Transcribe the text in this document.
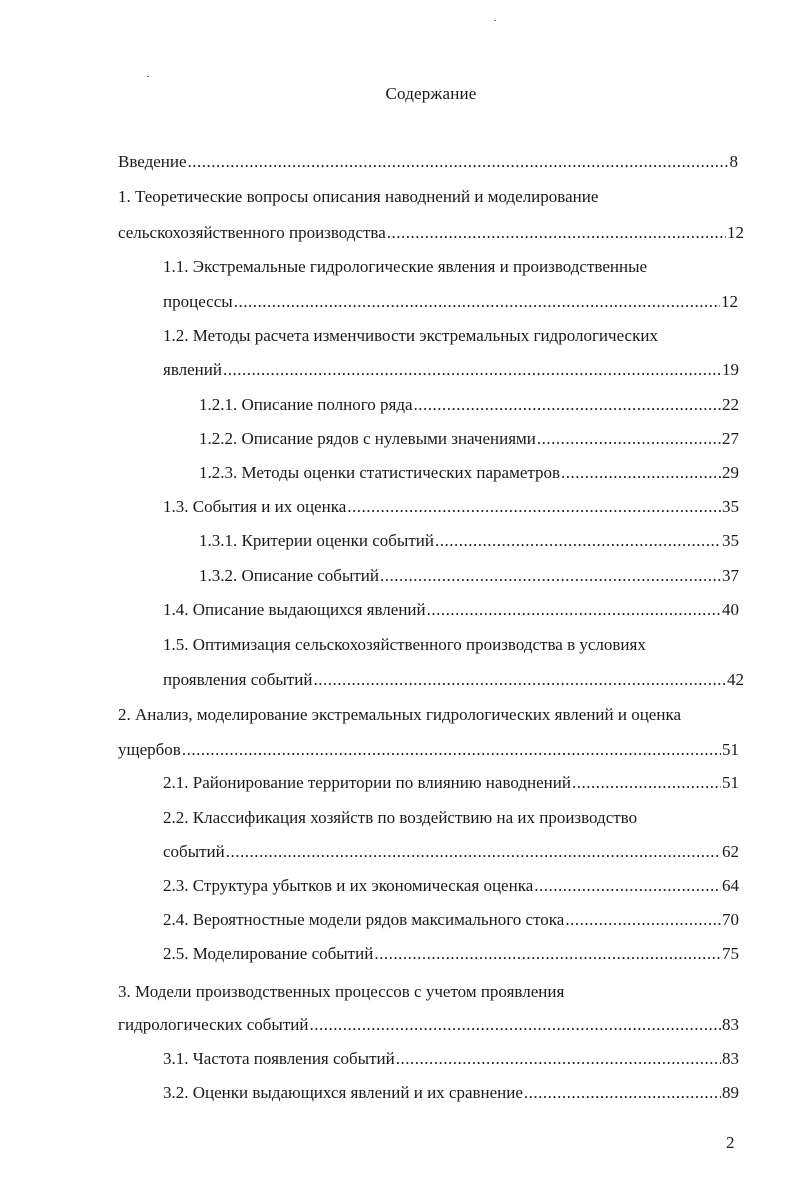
Содержание
Введение .....	8
1. Теоретические вопросы описания наводнений и моделирование
сельскохозяйственного производства .....	12
1.1. Экстремальные гидрологические явления и производственные
процессы .....	12
1.2. Методы расчета изменчивости экстремальных гидрологических
явлений .....	19
1.2.1. Описание полного ряда .....	22
1.2.2. Описание рядов с нулевыми значениями .....	27
1.2.3. Методы оценки статистических параметров .....	29
1.3. События и их оценка .....	35
1.3.1. Критерии оценки событий .....	35
1.3.2. Описание событий .....	37
1.4. Описание выдающихся явлений .....	40
1.5. Оптимизация сельскохозяйственного производства в условиях
проявления событий .....	42
2. Анализ, моделирование экстремальных гидрологических явлений и оценка
ущербов .....	51
2.1. Районирование территории по влиянию наводнений .....	51
2.2. Классификация хозяйств по воздействию на их производство
событий .....	62
2.3. Структура убытков и их экономическая оценка .....	64
2.4. Вероятностные модели рядов максимального стока .....	70
2.5. Моделирование событий .....	75
3. Модели производственных процессов с учетом проявления
гидрологических событий .....	83
3.1. Частота появления событий .....	83
3.2. Оценки выдающихся явлений и их сравнение .....	89
2
